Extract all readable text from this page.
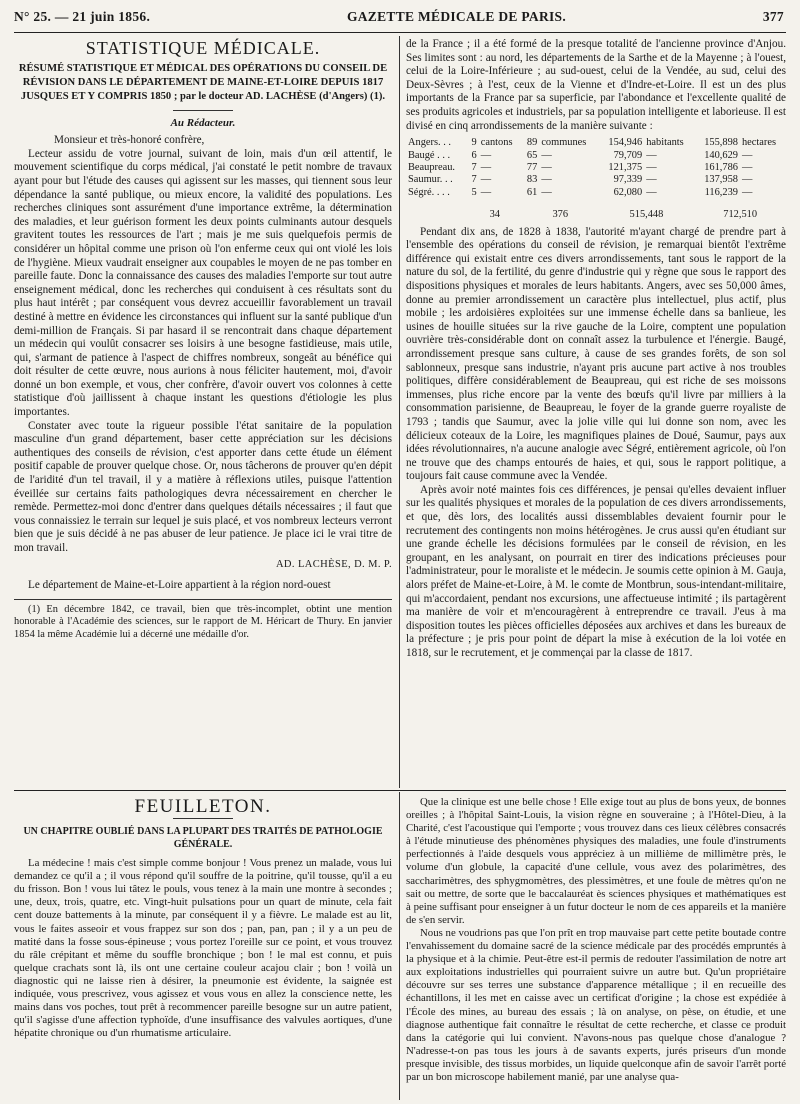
N° 25. — 21 juin 1856.	GAZETTE MÉDICALE DE PARIS.	377
STATISTIQUE MÉDICALE.
RÉSUMÉ STATISTIQUE ET MÉDICAL DES OPÉRATIONS DU CONSEIL DE RÉVISION DANS LE DÉPARTEMENT DE MAINE-ET-LOIRE DEPUIS 1817 JUSQUES ET Y COMPRIS 1850 ; par le docteur AD. LACHÈSE (d'Angers) (1).
Au Rédacteur.

Monsieur et très-honoré confrère,

Lecteur assidu de votre journal, suivant de loin, mais d'un œil attentif, le mouvement scientifique du corps médical, j'ai constaté le petit nombre de travaux ayant pour but l'étude des causes qui agissent sur les masses, qui tiennent sous leur dépendance la santé publique, ou mieux encore, la validité des populations. Les recherches cliniques sont assurément d'une importance extrême, la détermination des maladies, et leur guérison forment les deux points culminants autour desquels gravitent toutes les ressources de l'art ; mais je me suis quelquefois permis de considérer un hôpital comme une prison où l'on enferme ceux qui ont violé les lois de l'hygiène. Mieux vaudrait enseigner aux coupables le moyen de ne pas tomber en pareille faute. Donc la connaissance des causes des maladies l'emporte sur tout autre enseignement médical, donc les recherches qui conduisent à ces résultats sont du plus haut intérêt ; par conséquent vous devrez accueillir favorablement un travail destiné à mettre en évidence les circonstances qui influent sur la santé publique d'un demi-million de Français. Si par hasard il se rencontrait dans chaque département un médecin qui voulût consacrer ses loisirs à une besogne fastidieuse, mais utile, qui, s'armant de patience à l'aspect de chiffres nombreux, songeât au bénéfice qui doit résulter de cette œuvre, nous aurions à nous féliciter hautement, moi, d'avoir donné un bon exemple, et vous, cher confrère, d'avoir ouvert vos colonnes à cette statistique d'où jaillissent à chaque instant les questions d'étiologie les plus importantes.

Constater avec toute la rigueur possible l'état sanitaire de la population masculine d'un grand département, baser cette appréciation sur les décisions authentiques des conseils de révision, c'est apporter dans cette étude un élément positif capable de prouver quelque chose. Or, nous tâcherons de prouver qu'en dépit de l'aridité d'un tel travail, il y a matière à réflexions utiles, puisque l'attention éveillée sur certains faits pathologiques devra nécessairement en chercher le remède. Permettez-moi donc d'entrer dans quelques détails nécessaires ; il faut que vous connaissiez le terrain sur lequel je suis placé, et vos nombreux lecteurs verront bien que je suis décidé à ne pas abuser de leur patience. Je place ici le vrai titre de mon travail.

AD. LACHÈSE, D. M. P.

Le département de Maine-et-Loire appartient à la région nord-ouest

(1) En décembre 1842, ce travail, bien que très-incomplet, obtint une mention honorable à l'Académie des sciences, sur le rapport de M. Héricart de Thury. En janvier 1854 la même Académie lui a décerné une médaille d'or.

de la France ; il a été formé de la presque totalité de l'ancienne province d'Anjou. Ses limites sont : au nord, les départements de la Sarthe et de la Mayenne ; à l'ouest, celui de la Loire-Inférieure ; au sud-ouest, celui de la Vendée, au sud, celui des Deux-Sèvres ; à l'est, ceux de la Vienne et d'Indre-et-Loire. Il est un des plus importants de la France par sa superficie, par l'abondance et l'excellente qualité de ses produits agricoles et industriels, par sa population intelligente et laborieuse. Il est divisé en cinq arrondissements de la manière suivante :

Angers. . .	9	cantons	89	communes	154,946	habitants	155,898	hectares
Baugé . . .	6	—	65	—	79,709	—	140,629	—
Beaupreau.	7	—	77	—	121,375	—	161,786	—
Saumur. . .	7	—	83	—	97,339	—	137,958	—
Ségré. . . .	5	—	61	—	62,080	—	116,239	—
	34		376		515,448		712,510	

Pendant dix ans, de 1828 à 1838, l'autorité m'ayant chargé de prendre part à l'ensemble des opérations du conseil de révision, je remarquai bientôt l'extrême différence qui existait entre ces divers arrondissements, tant sous le rapport de la nature du sol, de la fertilité, du genre d'industrie qui y règne que sous le rapport des dispositions physiques et morales de leurs habitants. Angers, avec ses 50,000 âmes, donne au premier arrondissement un caractère plus intellectuel, plus actif, plus mobile ; les ardoisières exploitées sur une immense échelle dans sa banlieue, les usines de houille situées sur la rive gauche de la Loire, comptent une population ouvrière très-considérable dont on connaît assez la turbulence et l'énergie. Baugé, arrondissement presque sans culture, à cause de ses grandes forêts, de son sol sablonneux, presque sans industrie, n'ayant pris aucune part active à nos troubles politiques, diffère considérablement de Beaupreau, qui est riche de ses moissons immenses, plus riche encore par la vente des bœufs qu'il livre par milliers à la consommation parisienne, de Beaupreau, le foyer de la grande guerre royaliste de 1793 ; tandis que Saumur, avec la jolie ville qui lui donne son nom, avec les délicieux coteaux de la Loire, les magnifiques plaines de Doué, Saumur, pays aux idées révolutionnaires, n'a aucune analogie avec Ségré, entièrement agricole, où l'on ne trouve que des champs entourés de haies, et qui, sous le rapport politique, a toujours fait cause commune avec la Vendée.

Après avoir noté maintes fois ces différences, je pensai qu'elles devaient influer sur les qualités physiques et morales de la population de ces divers arrondissements, et que, dès lors, des localités aussi dissemblables devaient fournir pour le recrutement des contingents non moins hétérogènes. Je crus aussi qu'en étudiant sur une grande échelle les décisions formulées par le conseil de révision, en les groupant, en les analysant, on pourrait en tirer des indications précieuses pour l'administrateur, pour le moraliste et le médecin. Je soumis cette opinion à M. Gauja, alors préfet de Maine-et-Loire, à M. le comte de Montbrun, sous-intendant-militaire, qui m'accordaient, pendant nos excursions, une affectueuse intimité ; ils partagèrent ma manière de voir et m'encouragèrent à entreprendre ce travail. J'eus à ma disposition toutes les pièces officielles déposées aux archives et dans les bureaux de la préfecture ; je pris pour point de départ la mise à exécution de la loi votée en 1818, sur le recrutement, et je commençai par la classe de 1817.

FEUILLETON.
UN CHAPITRE OUBLIÉ DANS LA PLUPART DES TRAITÉS DE PATHOLOGIE GÉNÉRALE.

La médecine ! mais c'est simple comme bonjour ! Vous prenez un malade, vous lui demandez ce qu'il a ; il vous répond qu'il souffre de la poitrine, qu'il tousse, qu'il a eu du frisson. Bon ! vous lui tâtez le pouls, vous tenez à la main une montre à secondes ; une, deux, trois, quatre, etc. Vingt-huit pulsations pour un quart de minute, cela fait cent douze battements à la minute, par conséquent il y a fièvre. Le malade est au lit, vous le faites asseoir et vous frappez sur son dos ; pan, pan, pan ; il y a un peu de matité dans la fosse sous-épineuse ; vous portez l'oreille sur ce point, et vous trouvez du râle crépitant et même du souffle bronchique ; bon ! le mal est connu, et puis quelque crachats sont là, ils ont une certaine couleur acajou clair ; bon ! voilà un diagnostic qui ne laisse rien à désirer, la pneumonie est évidente, la saignée est indiquée, vous prescrivez, vous agissez et vous vous en allez la conscience nette, les mains dans vos poches, tout prêt à recommencer pareille besogne sur un autre patient, qu'il s'agisse d'une affection typhoïde, d'une insuffisance des valvules aortiques, d'une hépatite chronique ou d'un rhumatisme articulaire.

Que la clinique est une belle chose ! Elle exige tout au plus de bons yeux, de bonnes oreilles ; à l'hôpital Saint-Louis, la vision règne en souveraine ; à l'Hôtel-Dieu, à la Charité, c'est l'acoustique qui l'emporte ; vous trouvez dans ces lieux célèbres consacrés à l'étude minutieuse des phénomènes physiques des maladies, une foule d'instruments perfectionnés à l'aide desquels vous appréciez à un millième de millimètre près, le volume d'un globule, la capacité d'une cellule, vous avez des polarimètres, des saccharimètres, des sphygmomètres, des plessimètres, et une foule de mètres qu'on ne sait ou mettre, de sorte que le baccalauréat ès sciences physiques et mathématiques est à peine suffisant pour enseigner à un futur docteur le nom de ces appareils et la manière de s'en servir.

Nous ne voudrions pas que l'on prît en trop mauvaise part cette petite boutade contre l'envahissement du domaine sacré de la science médicale par des procédés empruntés à la physique et à la chimie. Peut-être est-il permis de redouter l'assimilation de notre art aux exploitations industrielles qui pourraient suivre un autre but. Qu'un propriétaire découvre sur ses terres une substance d'apparence métallique ; il en recueille des échantillons, il les met en caisse avec un certificat d'origine ; la chose est expédiée à l'École des mines, au bureau des essais ; là on analyse, on pèse, on étudie, et une diagnose authentique fait connaître le résultat de cette recherche, et classe ce produit dans la catégorie qui lui convient. N'avons-nous pas quelque chose d'analogue ? N'adresse-t-on pas tous les jours à de savants experts, jurés priseurs d'un monde presque invisible, des tissus morbides, un liquide quelconque afin de savoir l'arrêt porté par un bon microscope habilement manié, par une analyse qua-
